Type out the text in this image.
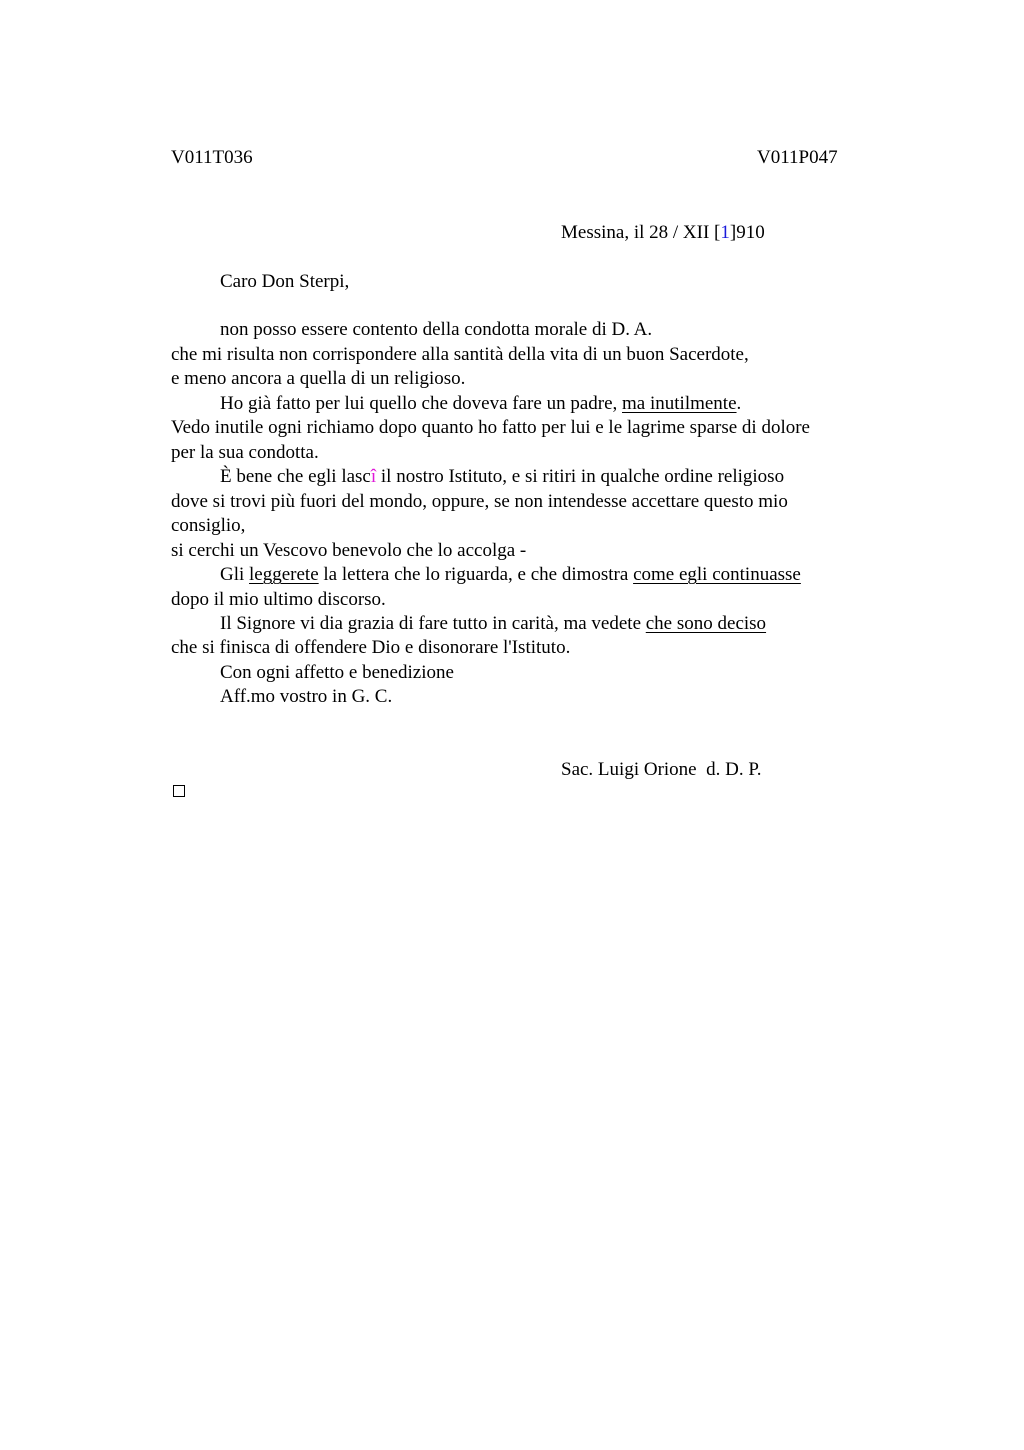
V011T036	V011P047
Messina, il 28 / XII [1]910
Caro Don Sterpi,
non posso essere contento della condotta morale di D. A.
che mi risulta non corrispondere alla santità della vita di un buon Sacerdote,
e meno ancora a quella di un religioso.
Ho già fatto per lui quello che doveva fare un padre, ma inutilmente.
Vedo inutile ogni richiamo dopo quanto ho fatto per lui e le lagrime sparse di dolore
per la sua condotta.
È bene che egli lascî il nostro Istituto, e si ritiri in qualche ordine religioso
dove si trovi più fuori del mondo, oppure, se non intendesse accettare questo mio
consiglio,
si cerchi un Vescovo benevolo che lo accolga -
Gli leggerete la lettera che lo riguarda, e che dimostra come egli continuasse
dopo il mio ultimo discorso.
Il Signore vi dia grazia di fare tutto in carità, ma vedete che sono deciso
che si finisca di offendere Dio e disonorare l'Istituto.
Con ogni affetto e benedizione
Aff.mo vostro in G. C.
Sac. Luigi Orione  d. D. P.
